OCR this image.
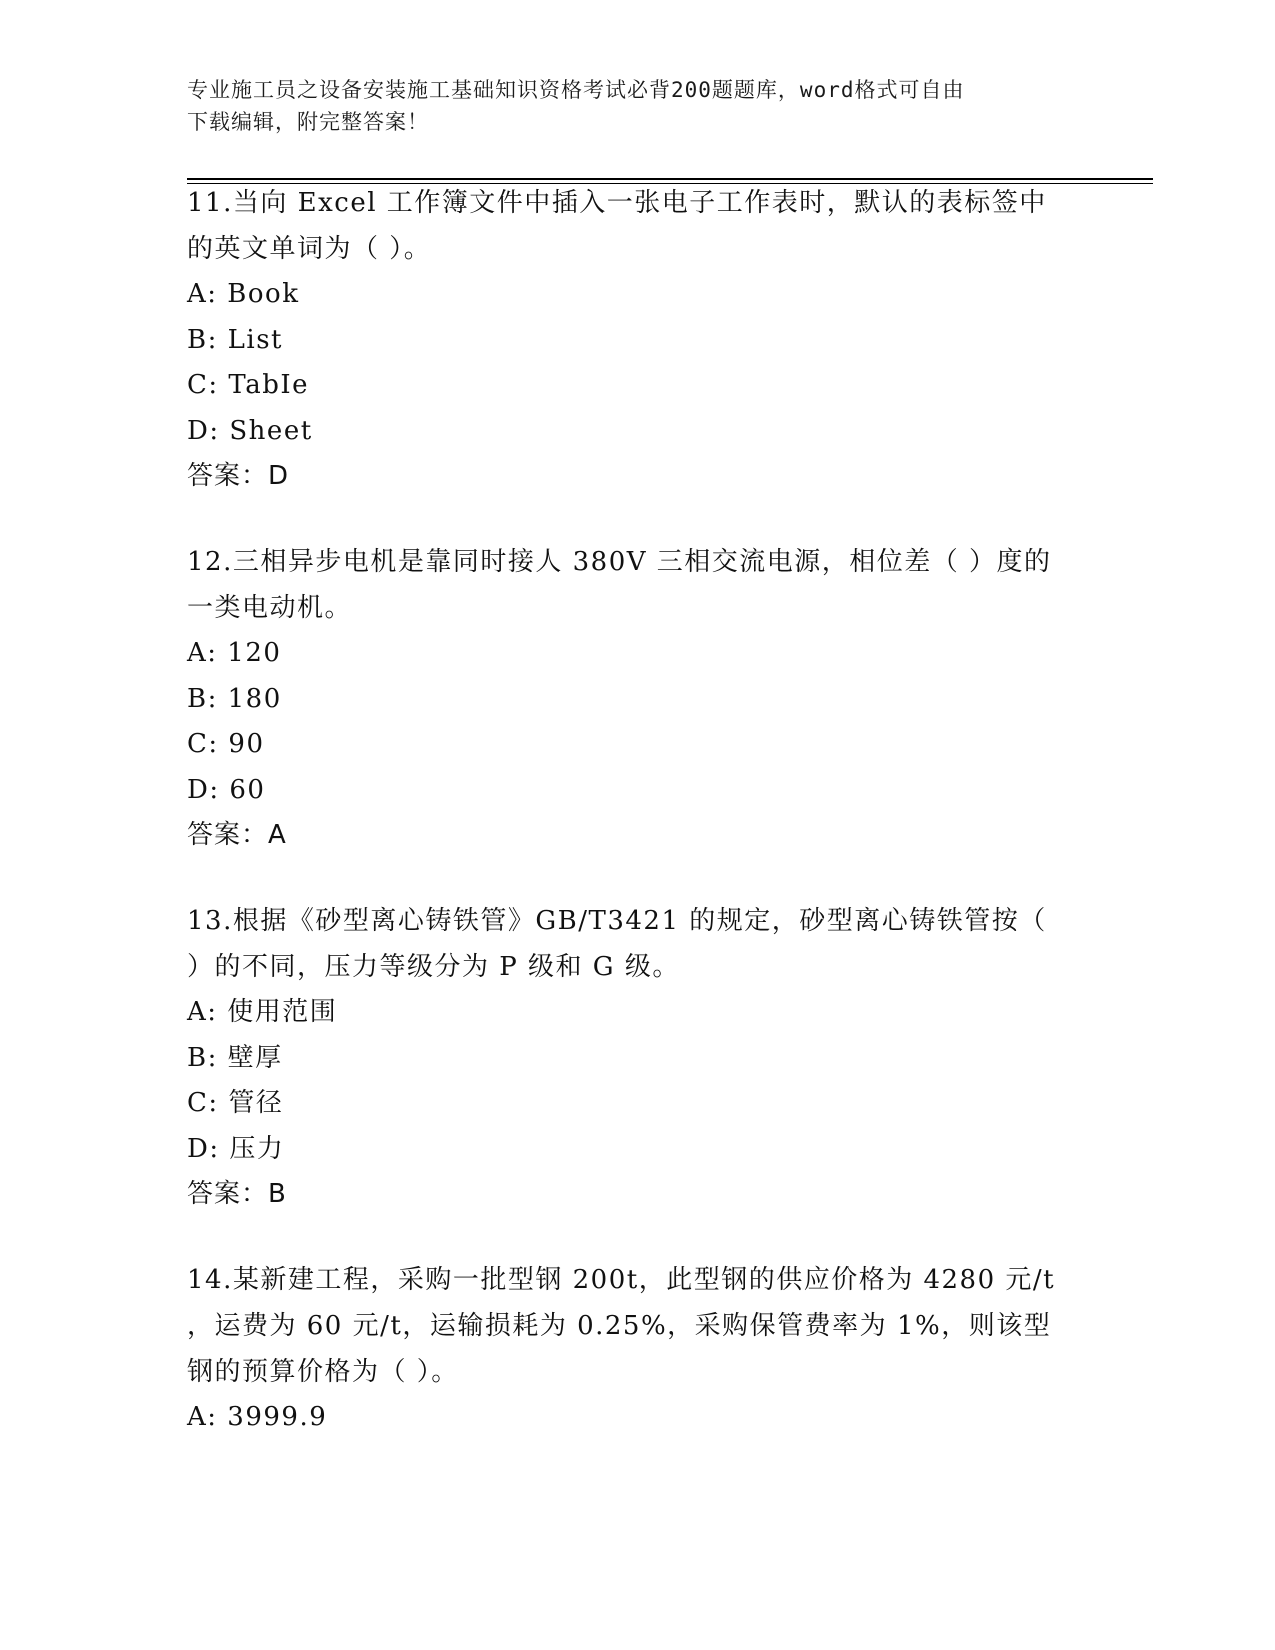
专业施工员之设备安装施工基础知识资格考试必背200题题库，word格式可自由
下载编辑，附完整答案！

11.当向 Excel 工作簿文件中插入一张电子工作表时，默认的表标签中

的英文单词为（ ）。

A: Book

B: List

C: TabIe

D: Sheet

答案：D

12.三相异步电机是靠同时接人 380V 三相交流电源，相位差（ ）度的

一类电动机。

A: 120

B: 180

C: 90

D: 60

答案：A

13.根据《砂型离心铸铁管》GB/T3421 的规定，砂型离心铸铁管按（

）的不同，压力等级分为 P 级和 G 级。

A: 使用范围

B: 壁厚

C: 管径

D: 压力

答案：B

14.某新建工程，采购一批型钢 200t，此型钢的供应价格为 4280 元/t

，运费为 60 元/t，运输损耗为 0.25%，采购保管费率为 1%，则该型

钢的预算价格为（ ）。

A: 3999.9
